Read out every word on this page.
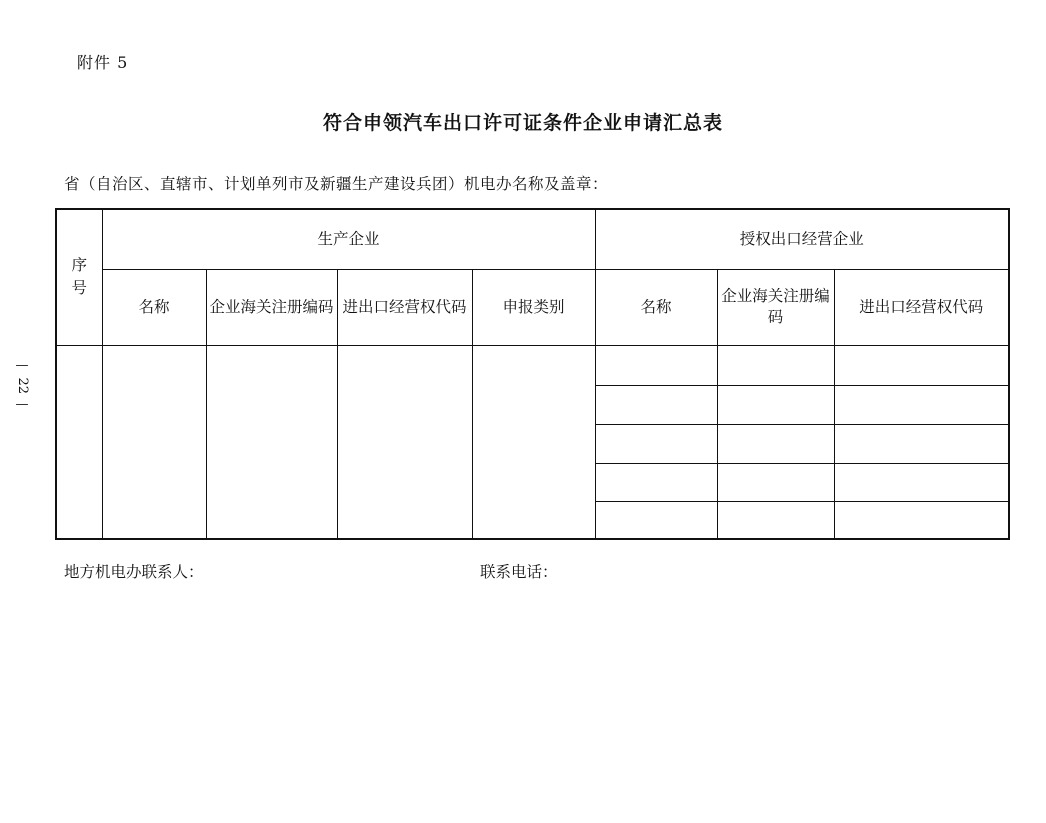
附件 5
符合申领汽车出口许可证条件企业申请汇总表
省（自治区、直辖市、计划单列市及新疆生产建设兵团）机电办名称及盖章：
—
22
—
序号	生产企业				授权出口经营企业		
	名称	企业海关注册编码	进出口经营权代码	申报类别	名称	企业海关注册编码	进出口经营权代码

地方机电办联系人：	联系电话：
